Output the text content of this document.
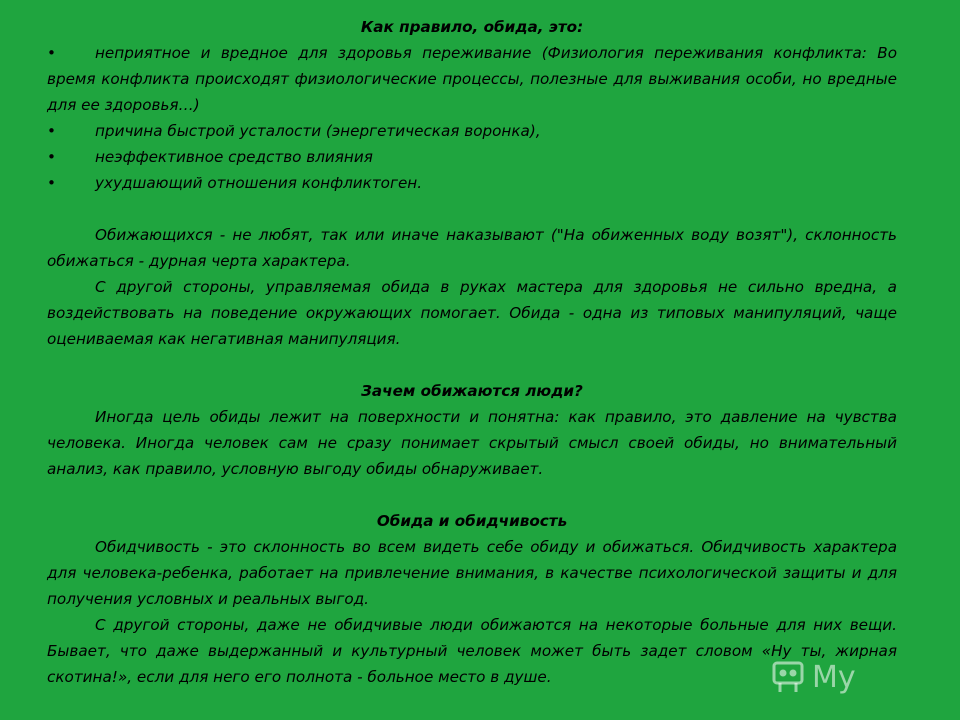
Как правило, обида, это:

• неприятное и вредное для здоровья переживание (Физиология переживания конфликта: Во время конфликта происходят физиологические процессы, полезные для выживания особи, но вредные для ее здоровья…)
• причина быстрой усталости (энергетическая воронка),
• неэффективное средство влияния
• ухудшающий отношения конфликтоген.

Обижающихся - не любят, так или иначе наказывают ("На обиженных воду возят"), склонность обижаться - дурная черта характера.

С другой стороны, управляемая обида в руках мастера для здоровья не сильно вредна, а воздействовать на поведение окружающих помогает. Обида - одна из типовых манипуляций, чаще оцениваемая как негативная манипуляция.

Зачем обижаются люди?

Иногда цель обиды лежит на поверхности и понятна: как правило, это давление на чувства человека. Иногда человек сам не сразу понимает скрытый смысл своей обиды, но внимательный анализ, как правило, условную выгоду обиды обнаруживает.

Обида и обидчивость

Обидчивость - это склонность во всем видеть себе обиду и обижаться. Обидчивость характера для человека-ребенка, работает на привлечение внимания, в качестве психологической защиты и для получения условных и реальных выгод.

С другой стороны, даже не обидчивые люди обижаются на некоторые больные для них вещи. Бывает, что даже выдержанный и культурный человек может быть задет словом «Ну ты, жирная скотина!», если для него его полнота - больное место в душе.	My
